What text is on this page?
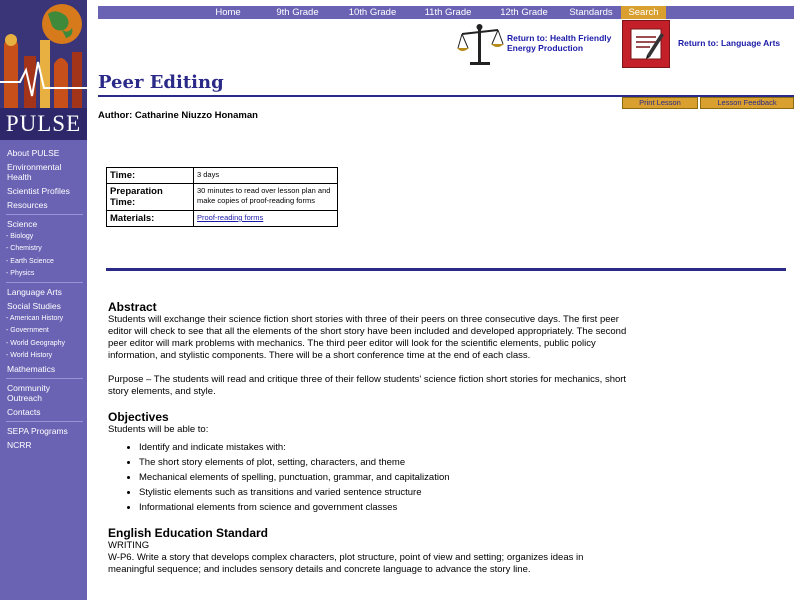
PULSE
About PULSE
Environmental Health
Scientist Profiles
Resources
Science
- Biology
- Chemistry
- Earth Science
- Physics
Language Arts
Social Studies
- American History
- Government
- World Geography
- World History
Mathematics
Community Outreach
Contacts
SEPA Programs
NCRR
Home	9th Grade	10th Grade	11th Grade	12th Grade	Standards	Search
Return to: Health Friendly Energy Production	Return to: Language Arts
Peer Editing
Print Lesson	Lesson Feedback
Author: Catharine Niuzzo Honaman
Time:	3 days
Preparation Time:	30 minutes to read over lesson plan and make copies of proof-reading forms
Materials:	Proof-reading forms
Abstract

Students will exchange their science fiction short stories with three of their peers on three consecutive days. The first peer editor will check to see that all the elements of the short story have been included and developed appropriately. The second peer editor will mark problems with mechanics. The third peer editor will look for the scientific elements, public policy information, and stylistic components. There will be a short conference time at the end of each class.

Purpose – The students will read and critique three of their fellow students' science fiction short stories for mechanics, short story elements, and style.

Objectives

Students will be able to:

• Identify and indicate mistakes with:
• The short story elements of plot, setting, characters, and theme
• Mechanical elements of spelling, punctuation, grammar, and capitalization
• Stylistic elements such as transitions and varied sentence structure
• Informational elements from science and government classes
English Education Standard

WRITING

W-P6. Write a story that develops complex characters, plot structure, point of view and setting; organizes ideas in meaningful sequence; and includes sensory details and concrete language to advance the story line.
